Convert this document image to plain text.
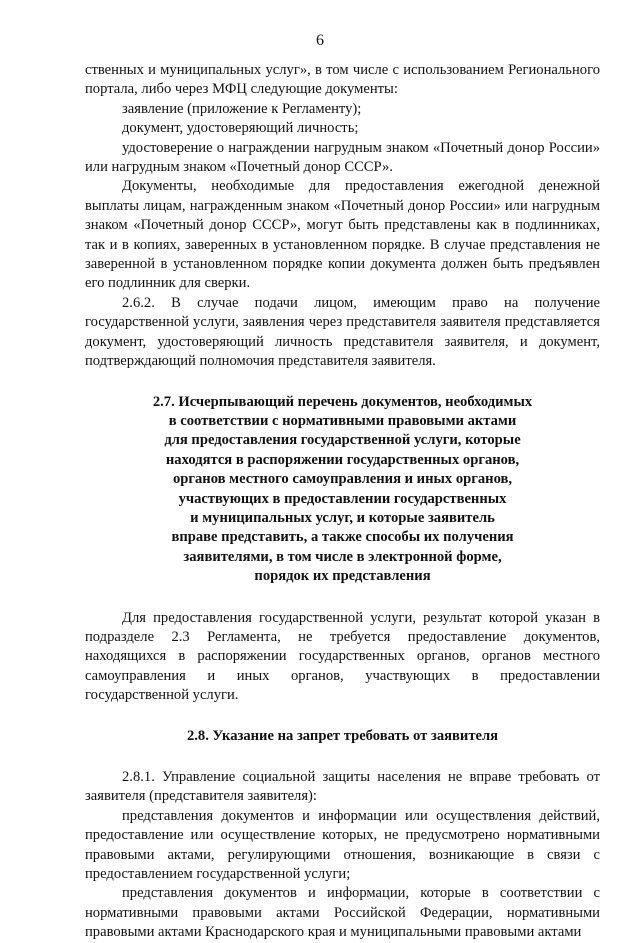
6

ственных и муниципальных услуг», в том числе с использованием Регионального портала, либо через МФЦ следующие документы:

заявление (приложение к Регламенту);

документ, удостоверяющий личность;

удостоверение о награждении нагрудным знаком «Почетный донор России» или нагрудным знаком «Почетный донор СССР».

Документы, необходимые для предоставления ежегодной денежной выплаты лицам, награжденным знаком «Почетный донор России» или нагрудным знаком «Почетный донор СССР», могут быть представлены как в подлинниках, так и в копиях, заверенных в установленном порядке. В случае представления не заверенной в установленном порядке копии документа должен быть предъявлен его подлинник для сверки.

2.6.2. В случае подачи лицом, имеющим право на получение государственной услуги, заявления через представителя заявителя представляется документ, удостоверяющий личность представителя заявителя, и документ, подтверждающий полномочия представителя заявителя.

2.7. Исчерпывающий перечень документов, необходимых
в соответствии с нормативными правовыми актами
для предоставления государственной услуги, которые
находятся в распоряжении государственных органов,
органов местного самоуправления и иных органов,
участвующих в предоставлении государственных
и муниципальных услуг, и которые заявитель
вправе представить, а также способы их получения
заявителями, в том числе в электронной форме,
порядок их представления

Для предоставления государственной услуги, результат которой указан в подразделе 2.3 Регламента, не требуется предоставление документов, находящихся в распоряжении государственных органов, органов местного самоуправления и иных органов, участвующих в предоставлении государственной услуги.

2.8. Указание на запрет требовать от заявителя

2.8.1. Управление социальной защиты населения не вправе требовать от заявителя (представителя заявителя):

представления документов и информации или осуществления действий, предоставление или осуществление которых, не предусмотрено нормативными правовыми актами, регулирующими отношения, возникающие в связи с предоставлением государственной услуги;

представления документов и информации, которые в соответствии с нормативными правовыми актами Российской Федерации, нормативными правовыми актами Краснодарского края и муниципальными правовыми актами
